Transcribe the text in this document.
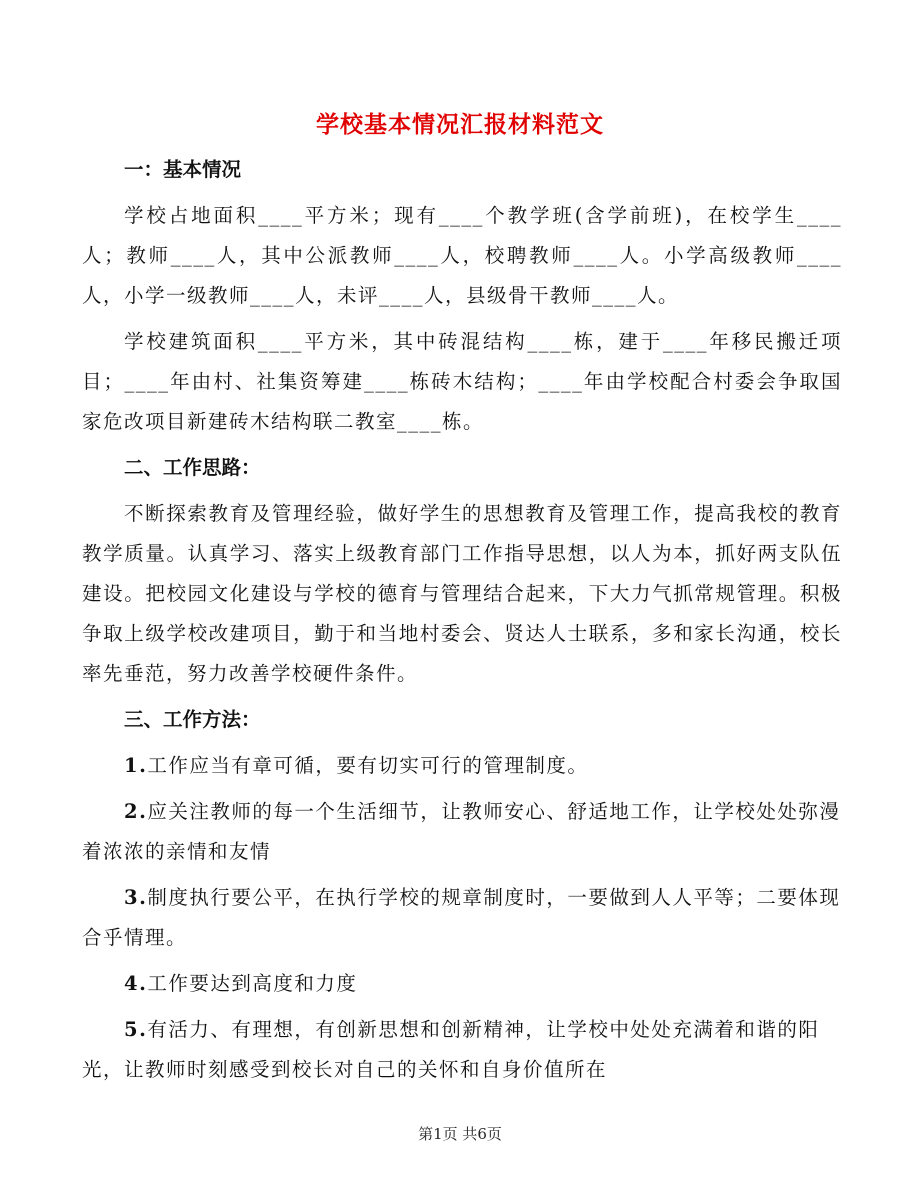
学校基本情况汇报材料范文
一：基本情况
学校占地面积____平方米；现有____个教学班(含学前班)，在校学生____人；教师____人，其中公派教师____人，校聘教师____人。小学高级教师____人，小学一级教师____人，未评____人，县级骨干教师____人。
学校建筑面积____平方米，其中砖混结构____栋，建于____年移民搬迁项目；____年由村、社集资筹建____栋砖木结构；____年由学校配合村委会争取国家危改项目新建砖木结构联二教室____栋。
二、工作思路：
不断探索教育及管理经验，做好学生的思想教育及管理工作，提高我校的教育教学质量。认真学习、落实上级教育部门工作指导思想，以人为本，抓好两支队伍建设。把校园文化建设与学校的德育与管理结合起来，下大力气抓常规管理。积极争取上级学校改建项目，勤于和当地村委会、贤达人士联系，多和家长沟通，校长率先垂范，努力改善学校硬件条件。
三、工作方法：
1.工作应当有章可循，要有切实可行的管理制度。
2.应关注教师的每一个生活细节，让教师安心、舒适地工作，让学校处处弥漫着浓浓的亲情和友情
3.制度执行要公平，在执行学校的规章制度时，一要做到人人平等；二要体现合乎情理。
4.工作要达到高度和力度
5.有活力、有理想，有创新思想和创新精神，让学校中处处充满着和谐的阳光，让教师时刻感受到校长对自己的关怀和自身价值所在
第1页 共6页
